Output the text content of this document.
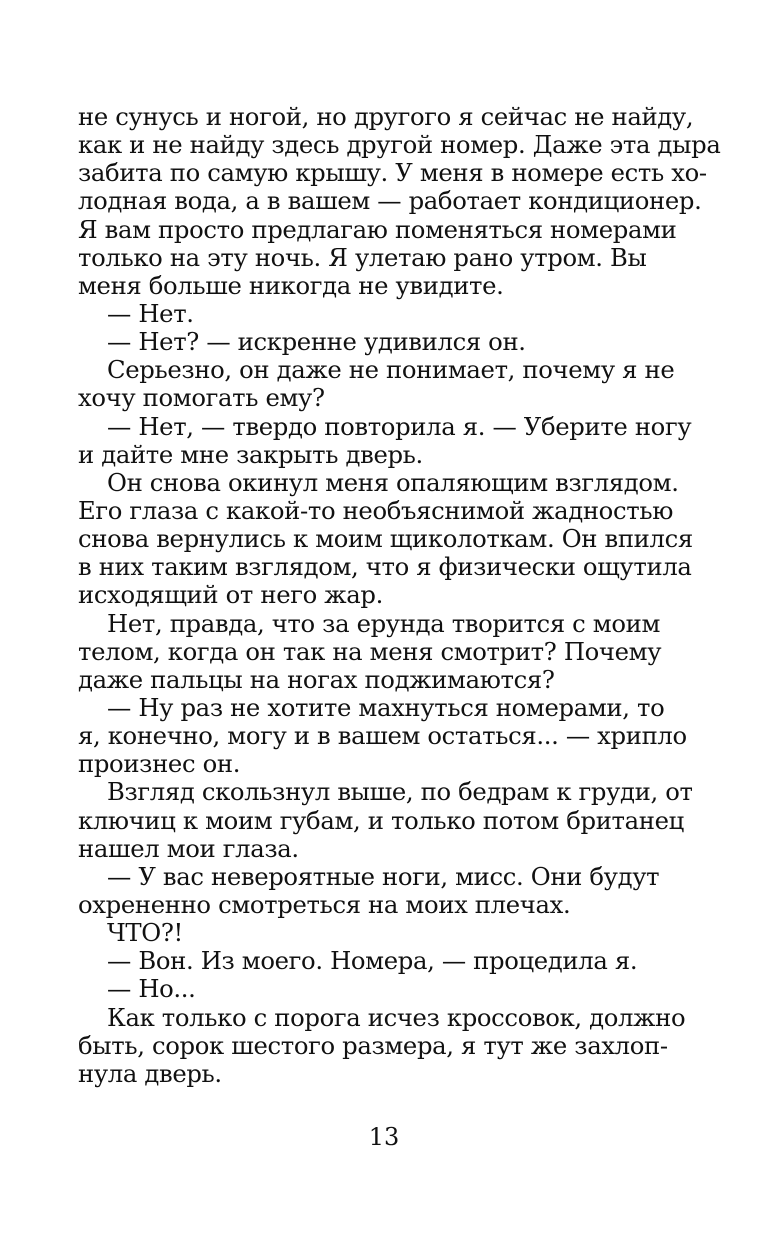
не сунусь и ногой, но другого я сейчас не найду,
как и не найду здесь другой номер. Даже эта дыра
забита по самую крышу. У меня в номере есть хо-
лодная вода, а в вашем — работает кондиционер.
Я вам просто предлагаю поменяться номерами
только на эту ночь. Я улетаю рано утром. Вы
меня больше никогда не увидите.
— Нет.
— Нет? — искренне удивился он.
Серьезно, он даже не понимает, почему я не
хочу помогать ему?
— Нет, — твердо повторила я. — Уберите ногу
и дайте мне закрыть дверь.
Он снова окинул меня опаляющим взглядом.
Его глаза с какой-то необъяснимой жадностью
снова вернулись к моим щиколоткам. Он впился
в них таким взглядом, что я физически ощутила
исходящий от него жар.
Нет, правда, что за ерунда творится с моим
телом, когда он так на меня смотрит? Почему
даже пальцы на ногах поджимаются?
— Ну раз не хотите махнуться номерами, то
я, конечно, могу и в вашем остаться... — хрипло
произнес он.
Взгляд скользнул выше, по бедрам к груди, от
ключиц к моим губам, и только потом британец
нашел мои глаза.
— У вас невероятные ноги, мисс. Они будут
охрененно смотреться на моих плечах.
ЧТО?!
— Вон. Из моего. Номера, — процедила я.
— Но...
Как только с порога исчез кроссовок, должно
быть, сорок шестого размера, я тут же захлоп-
нула дверь.
13
